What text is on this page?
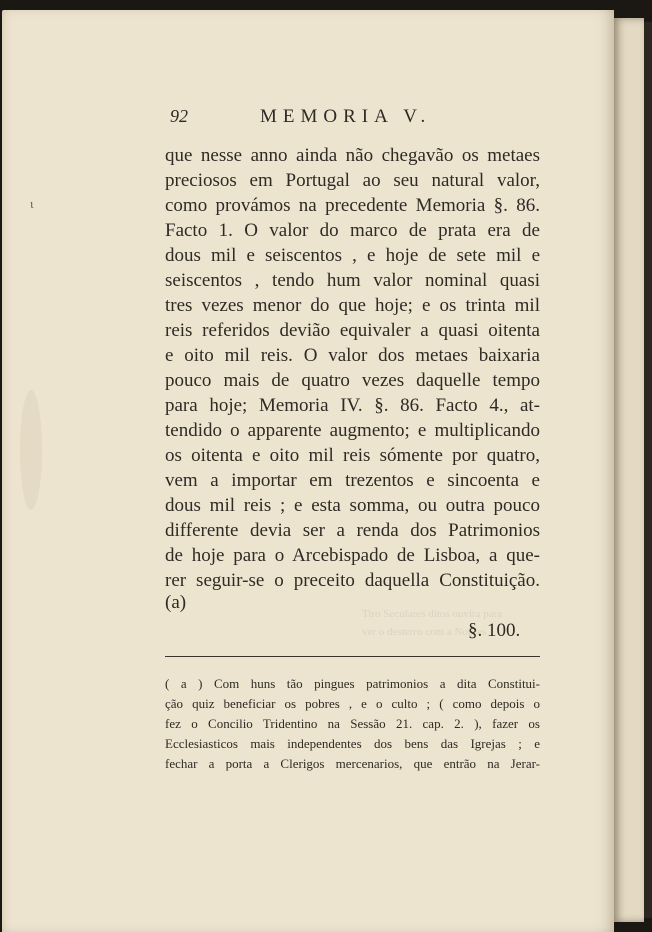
ɩ
92	MEMORIA V.
Tiro Seculares ditos ouvira para
ver o desterro com a Nobres
que nesse anno ainda não chegavão os metaes
preciosos em Portugal ao seu natural valor,
como provámos na precedente Memoria §. 86.
Facto 1. O valor do marco de prata era de
dous mil e seiscentos , e hoje de sete mil e
seiscentos , tendo hum valor nominal quasi
tres vezes menor do que hoje; e os trinta mil
reis referidos devião equivaler a quasi oitenta
e oito mil reis. O valor dos metaes baixaria
pouco mais de quatro vezes daquelle tempo
para hoje; Memoria IV. §. 86. Facto 4., at-
tendido o apparente augmento; e multiplicando
os oitenta e oito mil reis sómente por quatro,
vem a importar em trezentos e sincoenta e
dous mil reis ; e esta somma, ou outra pouco
differente devia ser a renda dos Patrimonios
de hoje para o Arcebispado de Lisboa, a que-
rer seguir-se o preceito daquella Constituição.
(a)
§. 100.
( a ) Com huns tão pingues patrimonios a dita Constitui-
ção quiz beneficiar os pobres , e o culto ; ( como depois o
fez o Concilio Tridentino na Sessão 21. cap. 2. ), fazer os
Ecclesiasticos mais independentes dos bens das Igrejas ; e
fechar a porta a Clerigos mercenarios, que entrão na Jerar-
